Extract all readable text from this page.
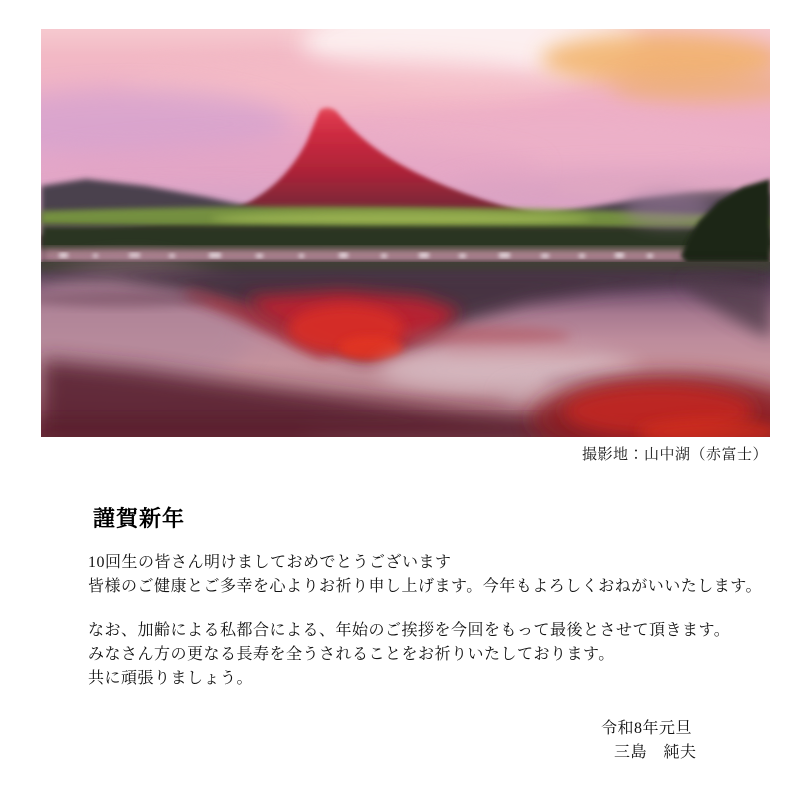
撮影地：山中湖（赤富士）
謹賀新年

10回生の皆さん明けましておめでとうございます
皆様のご健康とご多幸を心よりお祈り申し上げます。今年もよろしくおねがいいたします。

なお、加齢による私都合による、年始のご挨拶を今回をもって最後とさせて頂きます。
みなさん方の更なる長寿を全うされることをお祈りいたしております。
共に頑張りましょう。

令和8年元旦
三島　純夫
